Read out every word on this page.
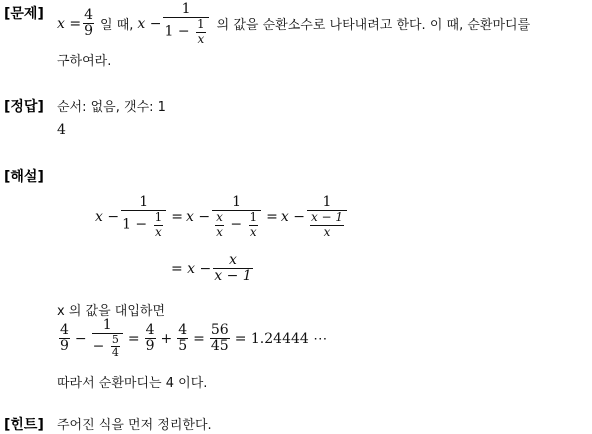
[문제]
$x = \frac{4}{9}$ 일 때, $x - \frac{1}{1 - \frac{1}{x}}$ 의 값을 순환소수로 나타내려고 한다. 이 때, 순환마디를
구하여라.
[정답] 순서: 없음, 갯수: 1
4
[해설]
$x - \frac{1}{1 - \frac{1}{x}} = x - \frac{1}{\frac{x}{x} - \frac{1}{x}} = x - \frac{1}{\frac{x - 1}{x}}$
= $x - \frac{x}{x - 1}$
x 의 값을 대입하면
$\frac{4}{9} - \frac{1}{- \frac{5}{4}} = \frac{4}{9} + \frac{4}{5} = \frac{56}{45} = 1.24444$ ⋯
따라서 순환마디는 4 이다.
[힌트] 주어진 식을 먼저 정리한다.
